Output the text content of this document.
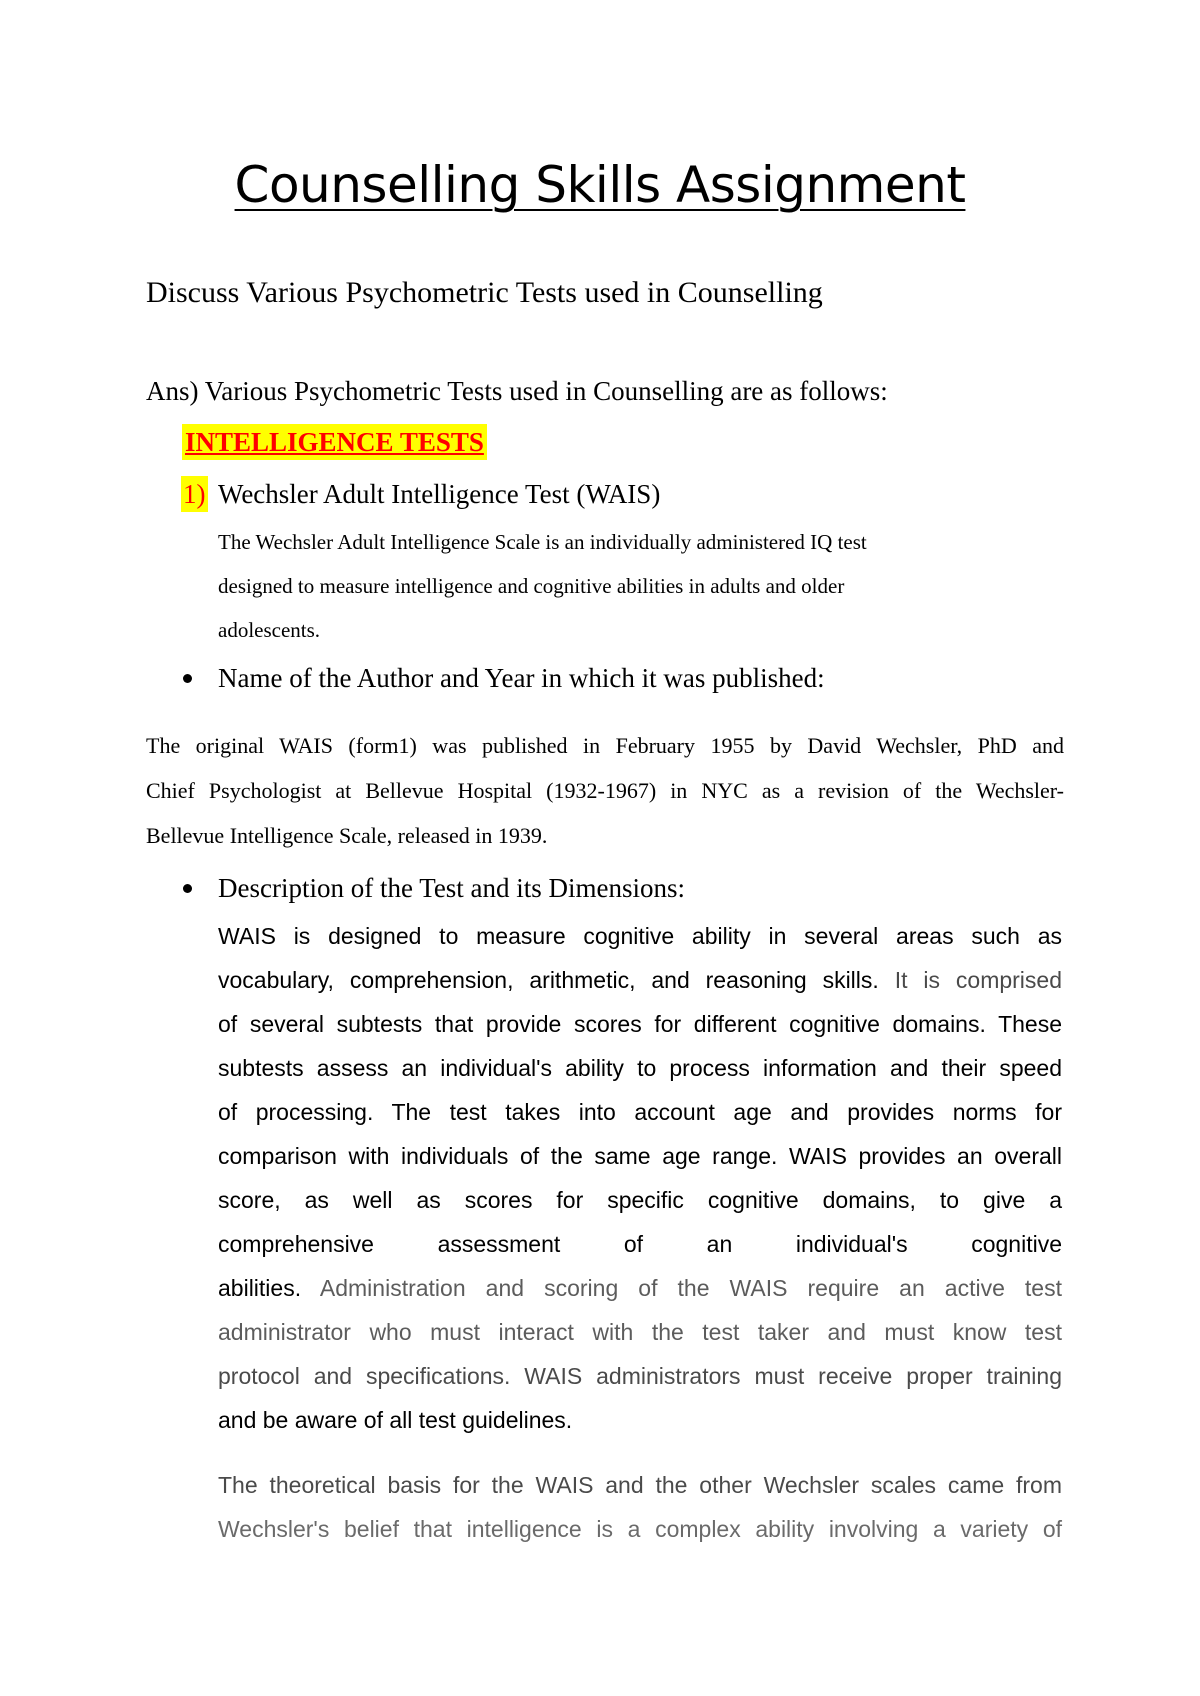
Counselling Skills Assignment

Discuss Various Psychometric Tests used in Counselling

Ans) Various Psychometric Tests used in Counselling are as follows:

INTELLIGENCE TESTS

1) Wechsler Adult Intelligence Test (WAIS)

The Wechsler Adult Intelligence Scale is an individually administered IQ test
designed to measure intelligence and cognitive abilities in adults and older
adolescents.

Name of the Author and Year in which it was published:

The original WAIS (form1) was published in February 1955 by David Wechsler, PhD and
Chief Psychologist at Bellevue Hospital (1932-1967) in NYC as a revision of the Wechsler-
Bellevue Intelligence Scale, released in 1939.

Description of the Test and its Dimensions:

WAIS is designed to measure cognitive ability in several areas such as
vocabulary, comprehension, arithmetic, and reasoning skills. It is comprised
of several subtests that provide scores for different cognitive domains. These
subtests assess an individual's ability to process information and their speed
of processing. The test takes into account age and provides norms for
comparison with individuals of the same age range. WAIS provides an overall
score, as well as scores for specific cognitive domains, to give a
comprehensive assessment of an individual's cognitive
abilities. Administration and scoring of the WAIS require an active test
administrator who must interact with the test taker and must know test
protocol and specifications. WAIS administrators must receive proper training
and be aware of all test guidelines.
The theoretical basis for the WAIS and the other Wechsler scales came from
Wechsler's belief that intelligence is a complex ability involving a variety of
